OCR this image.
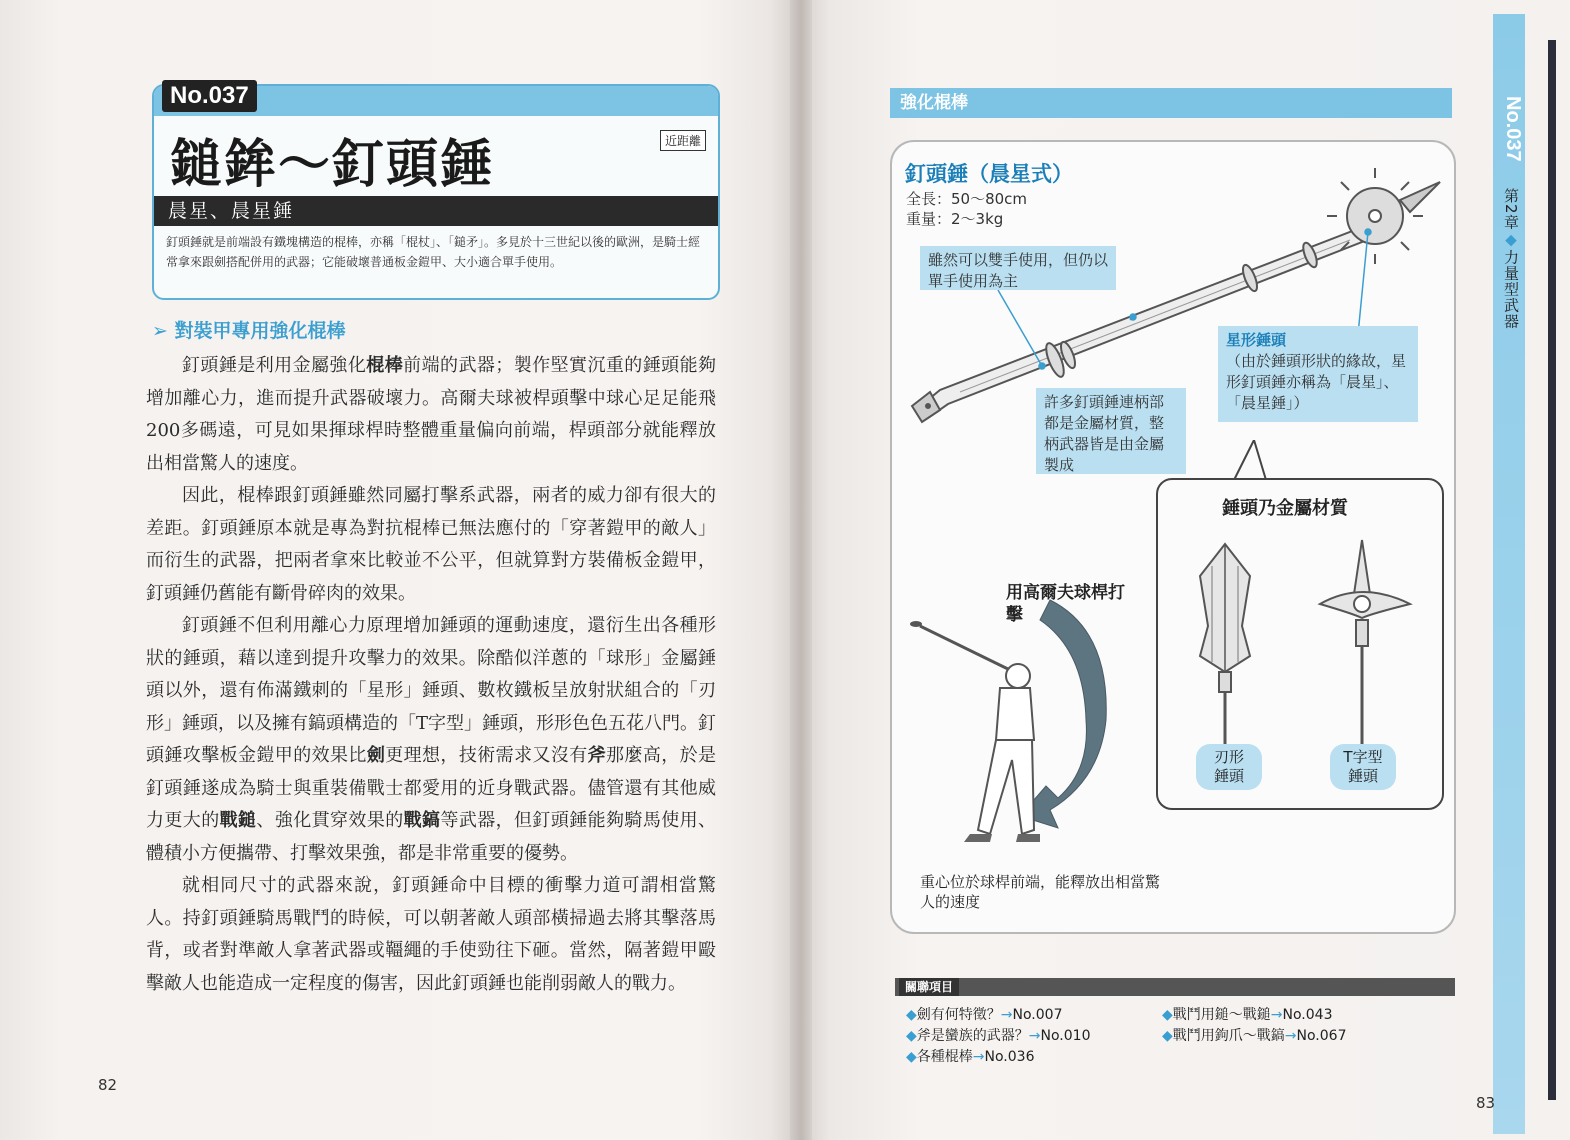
No.037
鎚鉾～釘頭錘	近距離
晨星、晨星錘
釘頭錘就是前端設有鐵塊構造的棍棒，亦稱「棍杖」、「鎚矛」。多見於十三世紀以後的歐洲，是騎士經常拿來跟劍搭配併用的武器；它能破壞普通板金鎧甲、大小適合單手使用。
➢ 對裝甲專用強化棍棒

釘頭錘是利用金屬強化棍棒前端的武器；製作堅實沉重的錘頭能夠增加離心力，進而提升武器破壞力。高爾夫球被桿頭擊中球心足足能飛200多碼遠，可見如果揮球桿時整體重量偏向前端，桿頭部分就能釋放出相當驚人的速度。

因此，棍棒跟釘頭錘雖然同屬打擊系武器，兩者的威力卻有很大的差距。釘頭錘原本就是專為對抗棍棒已無法應付的「穿著鎧甲的敵人」而衍生的武器，把兩者拿來比較並不公平，但就算對方裝備板金鎧甲，釘頭錘仍舊能有斷骨碎肉的效果。

釘頭錘不但利用離心力原理增加錘頭的運動速度，還衍生出各種形狀的錘頭，藉以達到提升攻擊力的效果。除酷似洋蔥的「球形」金屬錘頭以外，還有佈滿鐵刺的「星形」錘頭、數枚鐵板呈放射狀組合的「刃形」錘頭，以及擁有鎬頭構造的「T字型」錘頭，形形色色五花八門。釘頭錘攻擊板金鎧甲的效果比劍更理想，技術需求又沒有斧那麼高，於是釘頭錘遂成為騎士與重裝備戰士都愛用的近身戰武器。儘管還有其他威力更大的戰鎚、強化貫穿效果的戰鎬等武器，但釘頭錘能夠騎馬使用、體積小方便攜帶、打擊效果強，都是非常重要的優勢。

就相同尺寸的武器來說，釘頭錘命中目標的衝擊力道可謂相當驚人。持釘頭錘騎馬戰鬥的時候，可以朝著敵人頭部橫掃過去將其擊落馬背，或者對準敵人拿著武器或韁繩的手使勁往下砸。當然，隔著鎧甲毆擊敵人也能造成一定程度的傷害，因此釘頭錘也能削弱敵人的戰力。

82
強化棍棒	No.037
第2章◆力量型武器
釘頭錘（晨星式）
全長：50～80cm
重量：2～3kg
雖然可以雙手使用，但仍以單手使用為主
許多釘頭錘連柄部都是金屬材質，整柄武器皆是由金屬製成
星形錘頭
（由於錘頭形狀的緣故，星形釘頭錘亦稱為「晨星」、「晨星錘」）
錘頭乃金屬材質
刃形
錘頭
T字型
錘頭
用高爾夫球桿打擊
重心位於球桿前端，能釋放出相當驚人的速度
關聯項目
◆劍有何特徵？→No.007
◆斧是蠻族的武器？→No.010
◆各種棍棒→No.036
◆戰鬥用鎚～戰鎚→No.043
◆戰鬥用鉤爪～戰鎬→No.067
83
